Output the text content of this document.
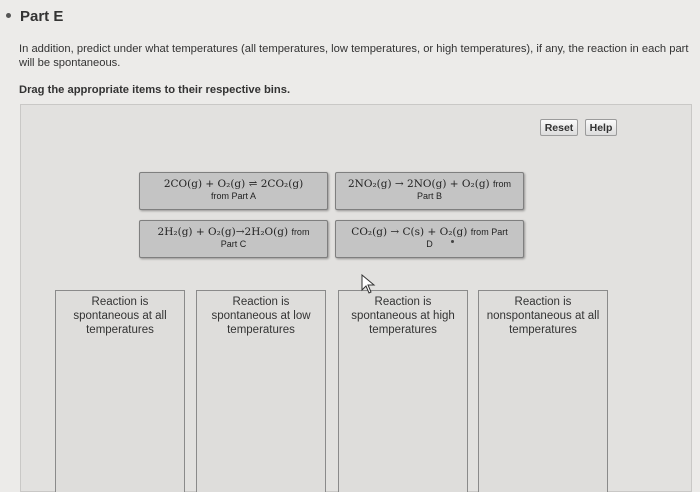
Part E
In addition, predict under what temperatures (all temperatures, low temperatures, or high temperatures), if any, the reaction in each part will be spontaneous.
Drag the appropriate items to their respective bins.
Reset	Help
2CO(g) + O₂(g) ⇌ 2CO₂(g)
from Part A
2NO₂(g) → 2NO(g) + O₂(g) from
Part B
2H₂(g) + O₂(g)→2H₂O(g) from
Part C
CO₂(g) → C(s) + O₂(g) from Part
D
Reaction is spontaneous at all temperatures
Reaction is spontaneous at low temperatures
Reaction is spontaneous at high temperatures
Reaction is nonspontaneous at all temperatures
